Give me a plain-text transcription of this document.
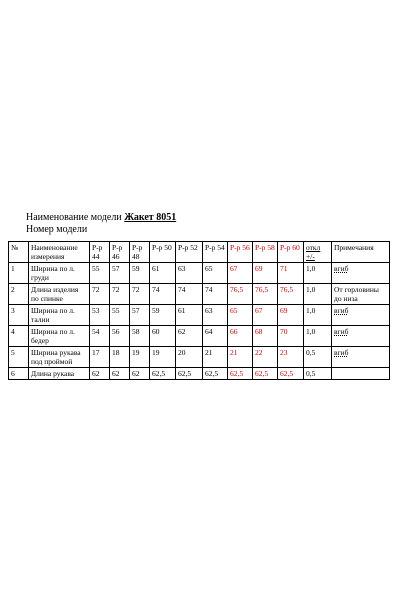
Наименование модели Жакет 8051
Номер модели
№	Наименование измерения	Р-р 44	Р-р 46	Р-р 48	Р-р 50	Р-р 52	Р-р 54	Р-р 56	Р-р 58	Р-р 60	откл +/-	Примечания
1	Ширина по л. груди	55	57	59	61	63	65	67	69	71	1,0	вгиб
2	Длина изделия по спинке	72	72	72	74	74	74	76,5	76,5	76,5	1,0	От горловины до низа
3	Ширина по л. талии	53	55	57	59	61	63	65	67	69	1,0	вгиб
4	Ширина по л. бедер	54	56	58	60	62	64	66	68	70	1,0	вгиб
5	Ширина рукава под проймой	17	18	19	19	20	21	21	22	23	0,5	вгиб
6	Длина рукава	62	62	62	62,5	62,5	62,5	62,5	62,5	62,5	0,5	
